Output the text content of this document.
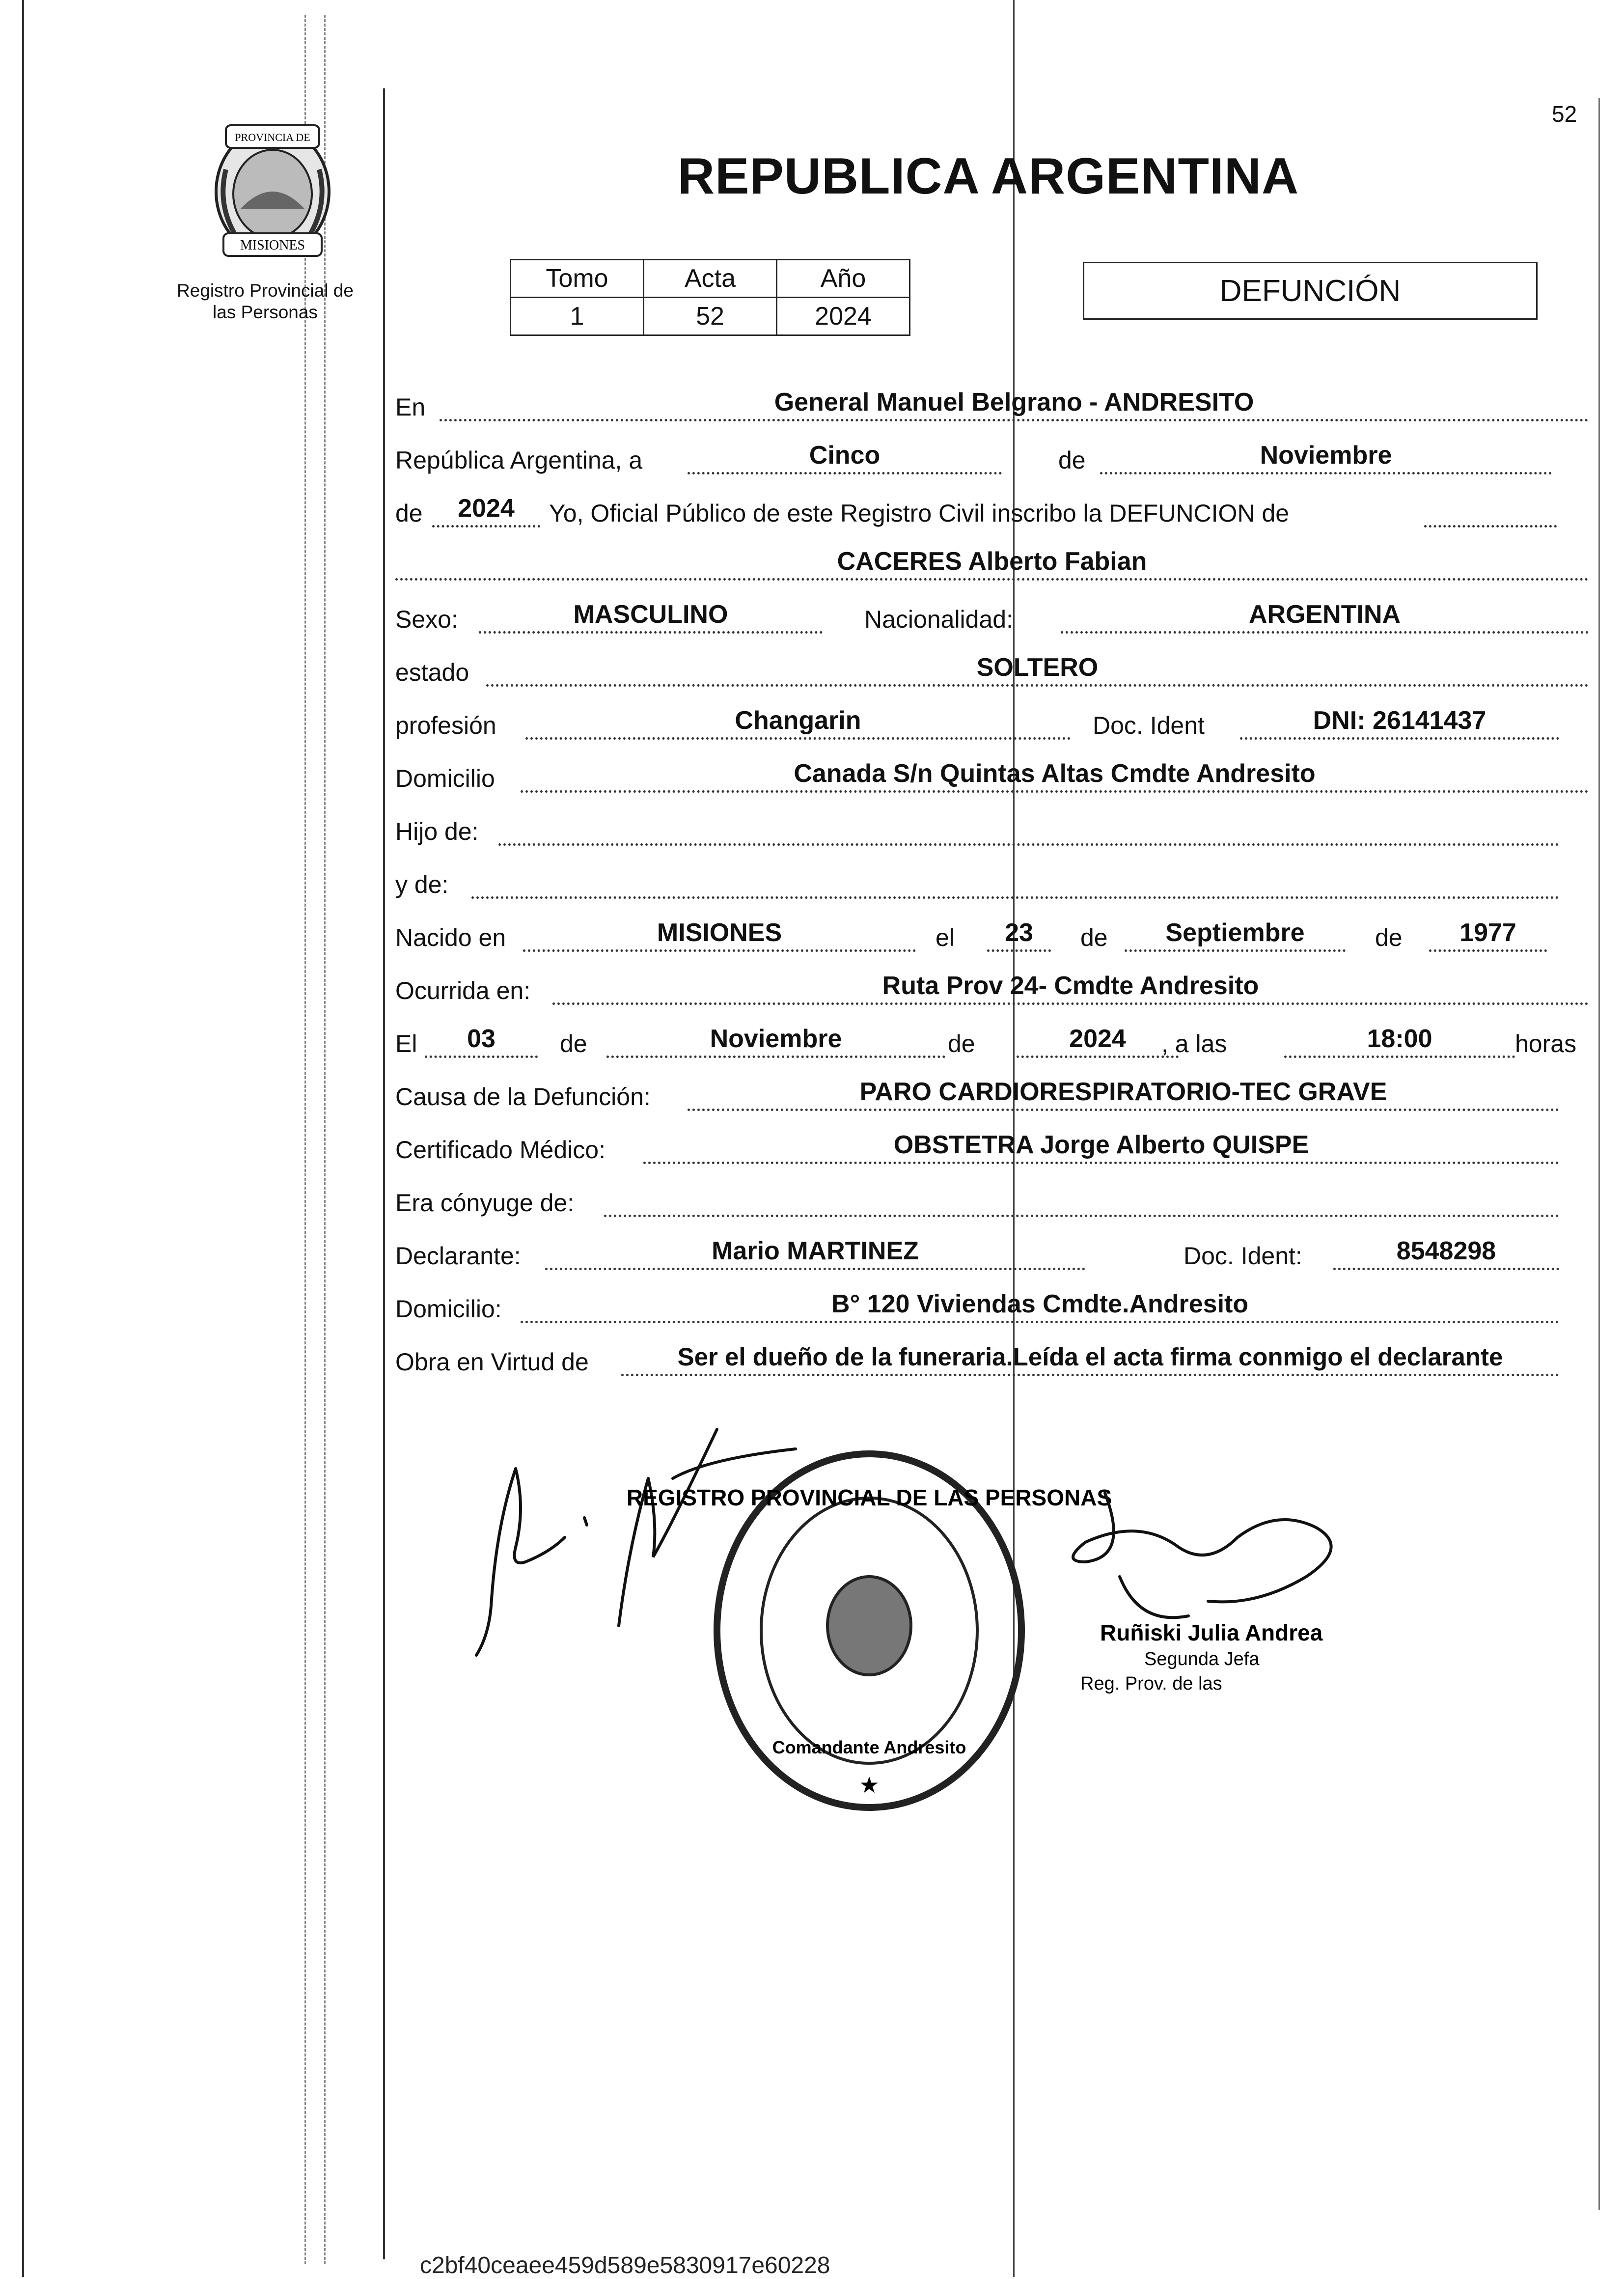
PROVINCIA DE
MISIONES
Registro Provincial de
las Personas
52
REPUBLICA ARGENTINA
Tomo	Acta	Año
1	52	2024
DEFUNCIÓN
En	General Manuel Belgrano - ANDRESITO
República Argentina, a	Cinco	de	Noviembre
de	2024	Yo, Oficial Público de este Registro Civil inscribo la DEFUNCION de
CACERES Alberto Fabian
Sexo:	MASCULINO	Nacionalidad:	ARGENTINA
estado	SOLTERO
profesión	Changarin	Doc. Ident	DNI: 26141437
Domicilio	Canada S/n Quintas Altas Cmdte Andresito
Hijo de:
y de:
Nacido en	MISIONES	el	23	de	Septiembre	de	1977
Ocurrida en:	Ruta Prov 24- Cmdte Andresito
El	03	de	Noviembre	de	2024	, a las	18:00	horas
Causa de la Defunción:	PARO CARDIORESPIRATORIO-TEC GRAVE
Certificado Médico:	OBSTETRA Jorge Alberto QUISPE
Era cónyuge de:
Declarante:	Mario MARTINEZ	Doc. Ident:	8548298
Domicilio:	B° 120 Viviendas Cmdte.Andresito
Obra en Virtud de	Ser el dueño de la funeraria.Leída el acta firma conmigo el declarante
REGISTRO PROVINCIAL DE LAS PERSONAS
Comandante Andresito
★
Ruñiski Julia Andrea
Segunda Jefa
Reg. Prov. de las
c2bf40ceaee459d589e5830917e60228
